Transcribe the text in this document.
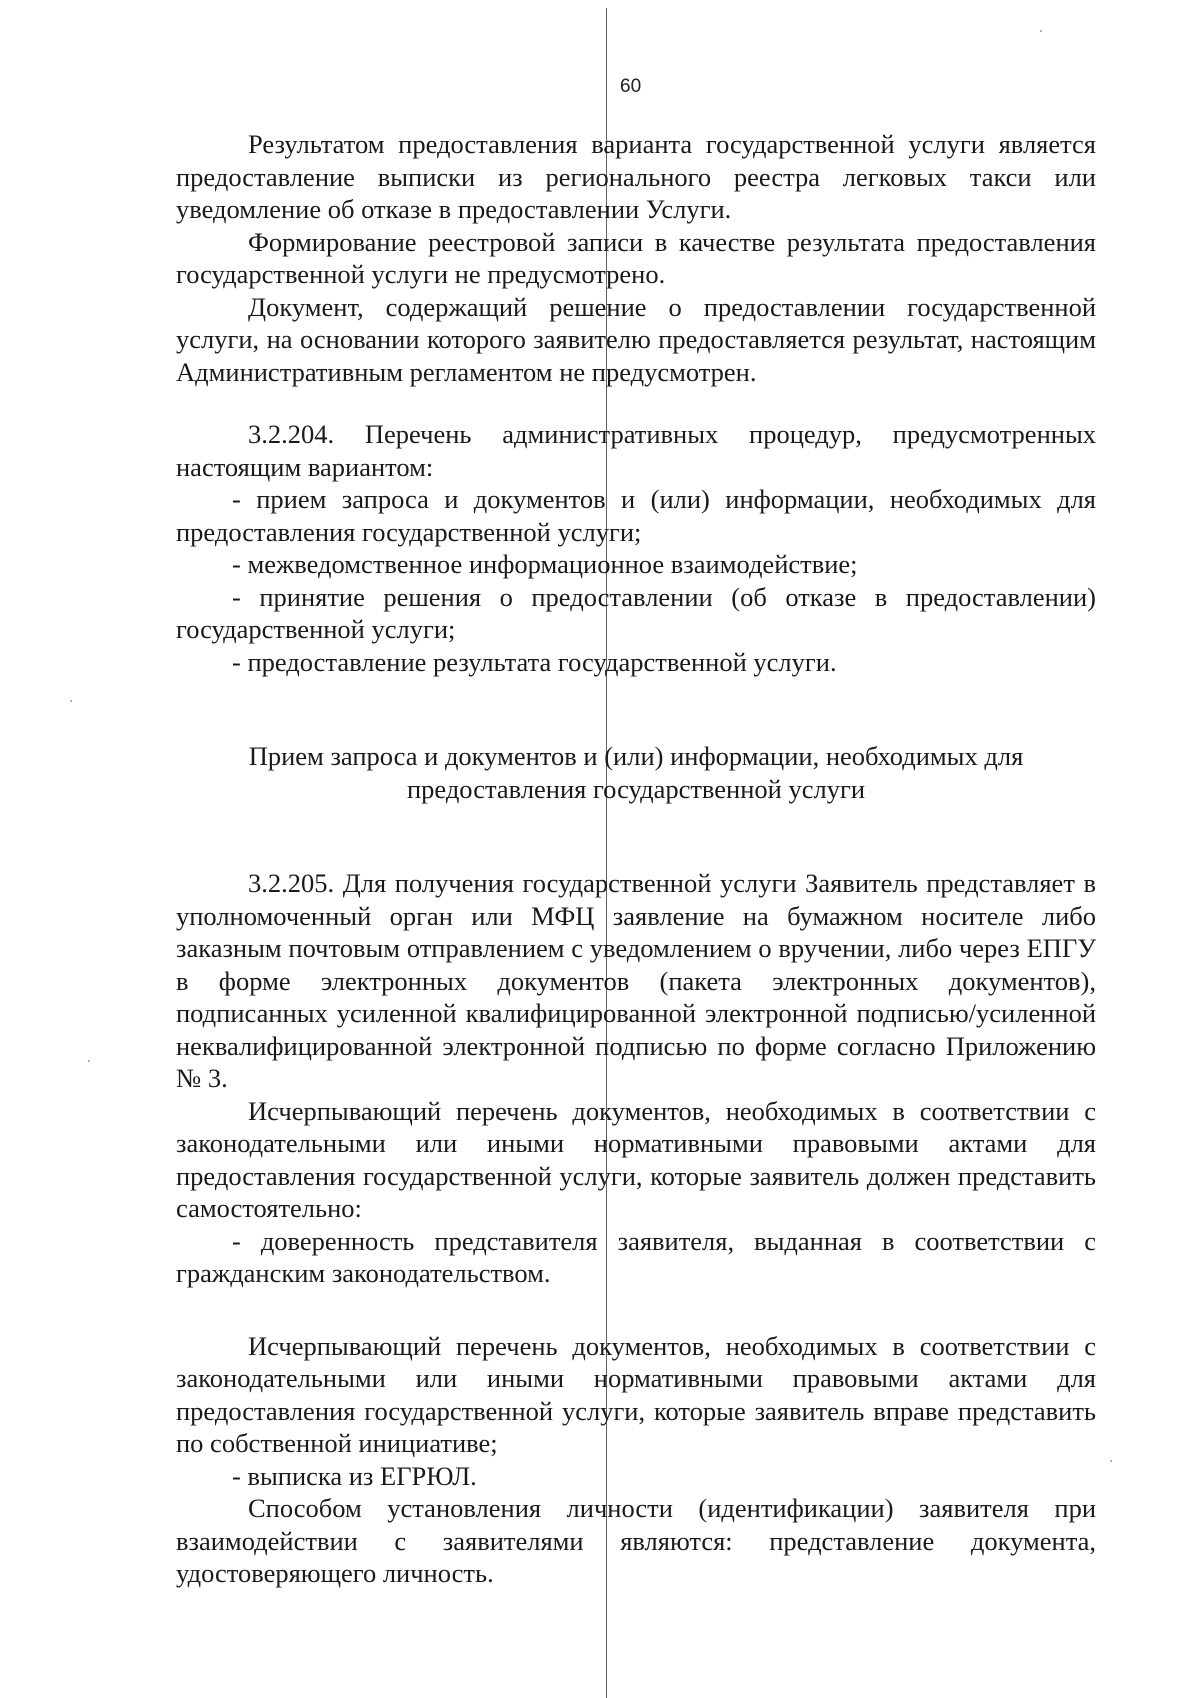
60

Результатом предоставления варианта государственной услуги является предоставление выписки из регионального реестра легковых такси или уведомление об отказе в предоставлении Услуги.

Формирование реестровой записи в качестве результата предоставления государственной услуги не предусмотрено.

Документ, содержащий решение о предоставлении государственной услуги, на основании которого заявителю предоставляется результат, настоящим Административным регламентом не предусмотрен.

3.2.204. Перечень административных процедур, предусмотренных настоящим вариантом:

- прием запроса и документов и (или) информации, необходимых для предоставления государственной услуги;

- межведомственное информационное взаимодействие;

- принятие решения о предоставлении (об отказе в предоставлении) государственной услуги;

- предоставление результата государственной услуги.

Прием запроса и документов и (или) информации, необходимых для предоставления государственной услуги

3.2.205. Для получения государственной услуги Заявитель представляет в уполномоченный орган или МФЦ заявление на бумажном носителе либо заказным почтовым отправлением с уведомлением о вручении, либо через ЕПГУ в форме электронных документов (пакета электронных документов), подписанных усиленной квалифицированной электронной подписью/усиленной неквалифицированной электронной подписью по форме согласно Приложению № 3.

Исчерпывающий перечень документов, необходимых в соответствии с законодательными или иными нормативными правовыми актами для предоставления государственной услуги, которые заявитель должен представить самостоятельно:

- доверенность представителя заявителя, выданная в соответствии с гражданским законодательством.

Исчерпывающий перечень документов, необходимых в соответствии с законодательными или иными нормативными правовыми актами для предоставления государственной услуги, которые заявитель вправе представить по собственной инициативе;

- выписка из ЕГРЮЛ.

Способом установления личности (идентификации) заявителя при взаимодействии с заявителями являются: представление документа, удостоверяющего личность.
